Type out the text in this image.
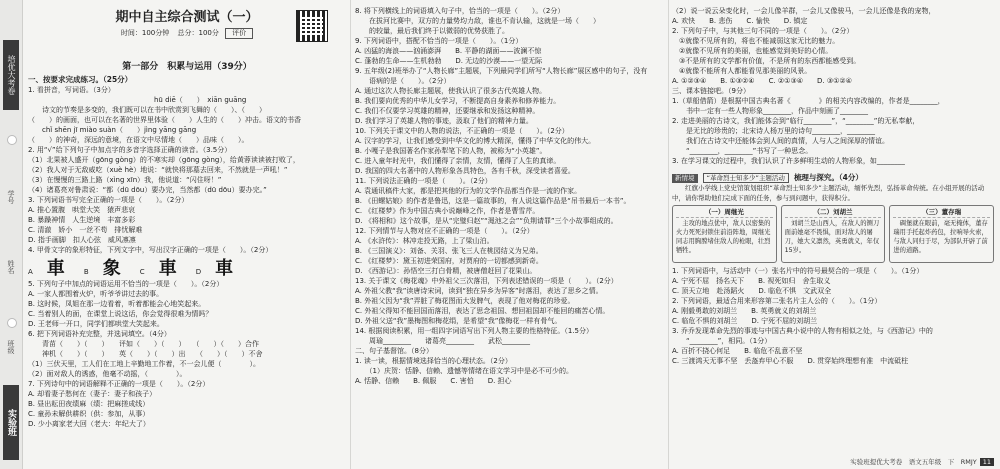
培优大考卷
学号
姓名
班级
实验班
期中自主综合测试（一）
时间：100分钟 总分：100分 评价
第一部分　积累与运用（39分）
一、按要求完成练习。（25分）
1. 看拼音，写词语。（3分）
　　　　　　　　　　　　　　　　　　hū diē（　　）　xiān guāng
　　诗文的节奏是多变的，我们既可以在书中欣赏到飞舞的（　　）、（　　）
（　　）的画面，也可以在名著的世界里体验（　　）人生的（　　）冲击。语文的书香
　　chǐ shēn jī miào suàn（　　）jìng yāng gāng
（　　）的神奇，深远的意境，在语文中尽情地（　　）品味（　　）。
2. 用“√”给下列句子中加点字的多音字选择正确的读音。（3.5分）
（1）北果被人盛开（gōng gòng）的不寒实却（gōng gòng），给黄蓉读读被打败了，
（2）我人对于无敌威吃（xuè hè）地说：“就快将那墓去回来，不然就是一声吼！”
（3）在慢慢的三路上路（xìng xīn）我，他说道：“闪住呀！”
（4）诸葛亮对鲁肃说：“都（dū dōu）要办完，当然都（dū dōu）要办完。”
3. 下列词语书写完全正确的一项是（　　）。（2分）
A. 推心置腹　哄堂大笑　猿声悲哀
B. 暴躁神情　人生逆境　丰富多彩
C. 清澈　娇小　一丝不苟　排忧解难
D. 指手画脚　扣人心弦　威风凛凛
4. 甲骨文字的象形特征，下列文字中，写出汉字正确的一项是（　　）。（2分）
A 車	B 象	C 車	D 車
5. 下列句子中加点的词语运用不恰当的一项是（　　）。（2分）
A. 一家人都围着火炉，听爷爷讲过去的事。
B. 这时候，凤姐在那一边看着，听着都能会心地笑起来。
C. 当着别人的面，在课堂上说这话，你会觉得很难为情吗？
D. 王老师一开口，同学们都哄堂大笑起来。
6. 把下列词语补充完整，并选词填空。（4分）
　　青苗（　　）（　　）　　评如（　　）（　　）　　（　　）（　　）合作
　　神机（　　）（　　）　　英（　　）（　　）出　　（　　）（　　）不舍
（1）三伏天里，工人们在工地上辛勤地工作着，不一会儿便（　　　　）。
（2）面对敌人的诱惑，他毫不动摇，（　　　　）。
7. 下列诗句中的词语解释不正确的一项是（　　）。（2分）
A. 却看妻子愁何在（妻子：妻子和孩子）
B. 昼出耘田夜绩麻（绩：把麻搓成线）
C. 童孙未解供耕织（供：参加，从事）
D. 少小离家老大回（老大：年纪大了）
8. 将下列横线上的词语填入句子中，恰当的一项是（　　）。（2分）
　　在拔河比赛中，双方的力量势均力敌，谁也不肯认输，这就是一场（　　）
　　的较量，最后我们终于以微弱的优势获胜了。
9. 下列词语中，搭配不恰当的一项是（　　）。（1分）
A. 凶猛的海浪——汹涌澎湃　　B. 平静的湖面——波澜不惊
C. 蓬勃的生命——生机勃勃　　D. 无边的沙漠——一望无际
9. 五年级(2)班举办了“人物长廊”主题展，下列最同学们所写“人物长廊”展区感中的句子，没有
　　语病的是（　　）。（2分）
A. 通过这次人物长廊主题展，使我认识了很多古代英雄人物。
B. 我们要向优秀的中华儿女学习，不断提高自身素养和修养能力。
C. 我们不仅要学习英雄的精神，还要继承和发扬这种精神。
D. 我们学习了英雄人物的事迹，汲取了他们的精神力量。
10. 下列关于课文中的人物的说法，不正确的一项是（　　）。（2分）
A. 汉字的学习，让我们感受到中华文化的博大精深，懂得了中华文化的伟大。
B. 小嘎子是我国著名作家孙犁笔下的人物，被称为“小英雄”。
C. 进入童年时光中，我们懂得了亲情，友情，懂得了人生的真谛。
D. 我国的四大名著中的人物形象各具特色，各有千秋，深受读者喜爱。
11. 下列说法正确的一项是（　　）。（2分）
A. 袁通讯稿件大家，都是把其他的行为的文学作品都当作是一流的作家。
B. 《田螺姑娘》的作者是鲁迅，这是一篇故事的，有人说这篇作品是“吊书最后一本书”。
C. 《红楼梦》作为中国古典小说巅峰之作，作者是曹雪芹。
D. 《将相和》这个故事，是从“完璧归赵”“渑池之会”“负荆请罪”三个小故事组成的。
12. 下列情节与人物对应不正确的一项是（　　）。（2分）
A. 《水浒传》：林冲走投无路，上了梁山泊。
B. 《三国演义》：刘备、关羽、张飞三人在桃园结义为兄弟。
C. 《红楼梦》：黛玉初进荣国府，对贾府的一切都感到新奇。
D. 《西游记》：孙悟空三打白骨精，被唐僧赶回了花果山。
13. 关于课文《梅花魂》中外祖父三次落泪，下列表述错误的一项是（　　）。（2分）
A. 外祖父教“我”读唐诗宋词，读到“独在异乡为异客”时落泪，表达了思乡之情。
B. 外祖父因为“我”弄脏了梅花图而大发脾气，表现了他对梅花的珍爱。
C. 外祖父得知不能回国而落泪，表达了思念祖国、想回祖国却不能回的痛苦心情。
D. 外祖父送“我”墨梅图和梅花绢，是希望“我”像梅花一样有骨气。
14. 根据阅读积累，用一组四字词语写出下列人物主要的性格特征。（1.5分）
　　周瑜________　　诸葛亮________　　武松________
二、句子基督馆。（8分）
1. 读一读，根据情境选择恰当的心理状态。（2分）
　　（1）庆贺：恬静、信赖、遗憾等情绪在语文学习中是必不可少的。
A. 恬静、信赖　　B. 佩服　　C. 害怕　　D. 担心
（2）说一说云朵变化时，一会儿像羊群，一会儿又像骏马，一会儿还像是我的宠物，
A. 欢快　　B. 悲伤　　C. 愉快　　D. 镇定
2. 下列句子中，与其他三句不同的一项是（　　）。（2分）
　①就像不见所有的，将也不能减弱这家无比的魅力。
　②就像不见所有的美丽，也能感觉到美好的心情。
　③不是所有的文学都有价值，不是所有的东西都能感受到。
　④就像不能所有人都能看见那美丽的风景。
A. ①②③④　　B. ①③②④　　C. ②①③④　　D. ③①②④
三、课本链接吧。（9分）
1.（草船借箭）是根据中国古典名著《　　　　》的相关内容改编的，作者是________，
　　书中一定有一些人物形象________，作品中刻画了________
2. 走进美丽的古诗文，我们能体会到“临行________”，“________”的无私奉献，
　　是无比的珍贵的；北宋诗人杨万里的诗句________，________
　　我们在古诗文中还能体会到人间的真情，人与人之间深厚的情谊。
　　“________，________”书写了一种思念。
3. 在学习课文的过程中，我们认识了许多鲜明生动的人物形象，如________
新情境 “革命烈士知多少”主题活动 梳理与探究。（4分）
　　红旗小学线上党史馆策划组织“革命烈士知多少”主题活动，缅怀先烈，弘扬革命传统。在小组开展的活动中，请你帮助他们完成下面的任务，参与到问题中，获得积分。
（一）周继光
　主攻的地点优中，敌人以密集的火力死死封锁住前沿阵地，周继光同志用胸膛堵住敌人的枪眼，壮烈牺牲。
（二）刘胡兰
　刘胡兰是山西人，在敌人的铡刀面前她毫不畏惧，面对敌人的屠刀，她大义凛然，英勇就义，年仅15岁。
（三）董存瑞
　碉堡就在眼前，毫无掩体，董存瑞用手托起炸药包，拉响导火索，与敌人同归于尽，为部队开辟了前进的道路。
1. 下列词语中，与活动中（一）张名片中的符号最契合的一项是（　　）。（1分）
A. 宁死不屈　扬名天下　　B. 视死如归　舍生取义
C. 顶天立地　赴汤蹈火　　D. 临危不惧　文武双全
2. 下列词语，最适合用来形容第二张名片主人公的（　　）。（1分）
A. 刚毅勇敢的刘胡兰　　B. 英勇就义的刘胡兰
C. 临危不惧的刘胡兰　　D. 宁死不屈的刘胡兰
3. 乔乔发现革命先烈的事迹与中国古典小说中的人物有相似之处，与《西游记》中的
　　“________”，相同。（1分）
A. 百折不挠心何足　　B. 临危不乱意不坚
C. 三渡鸿天无事不坚　丢盔弃甲心不服　　D. 贯穿始终理想有准　中流砥柱
实验班提优大考卷　语文五年级　下　RMJY 11
